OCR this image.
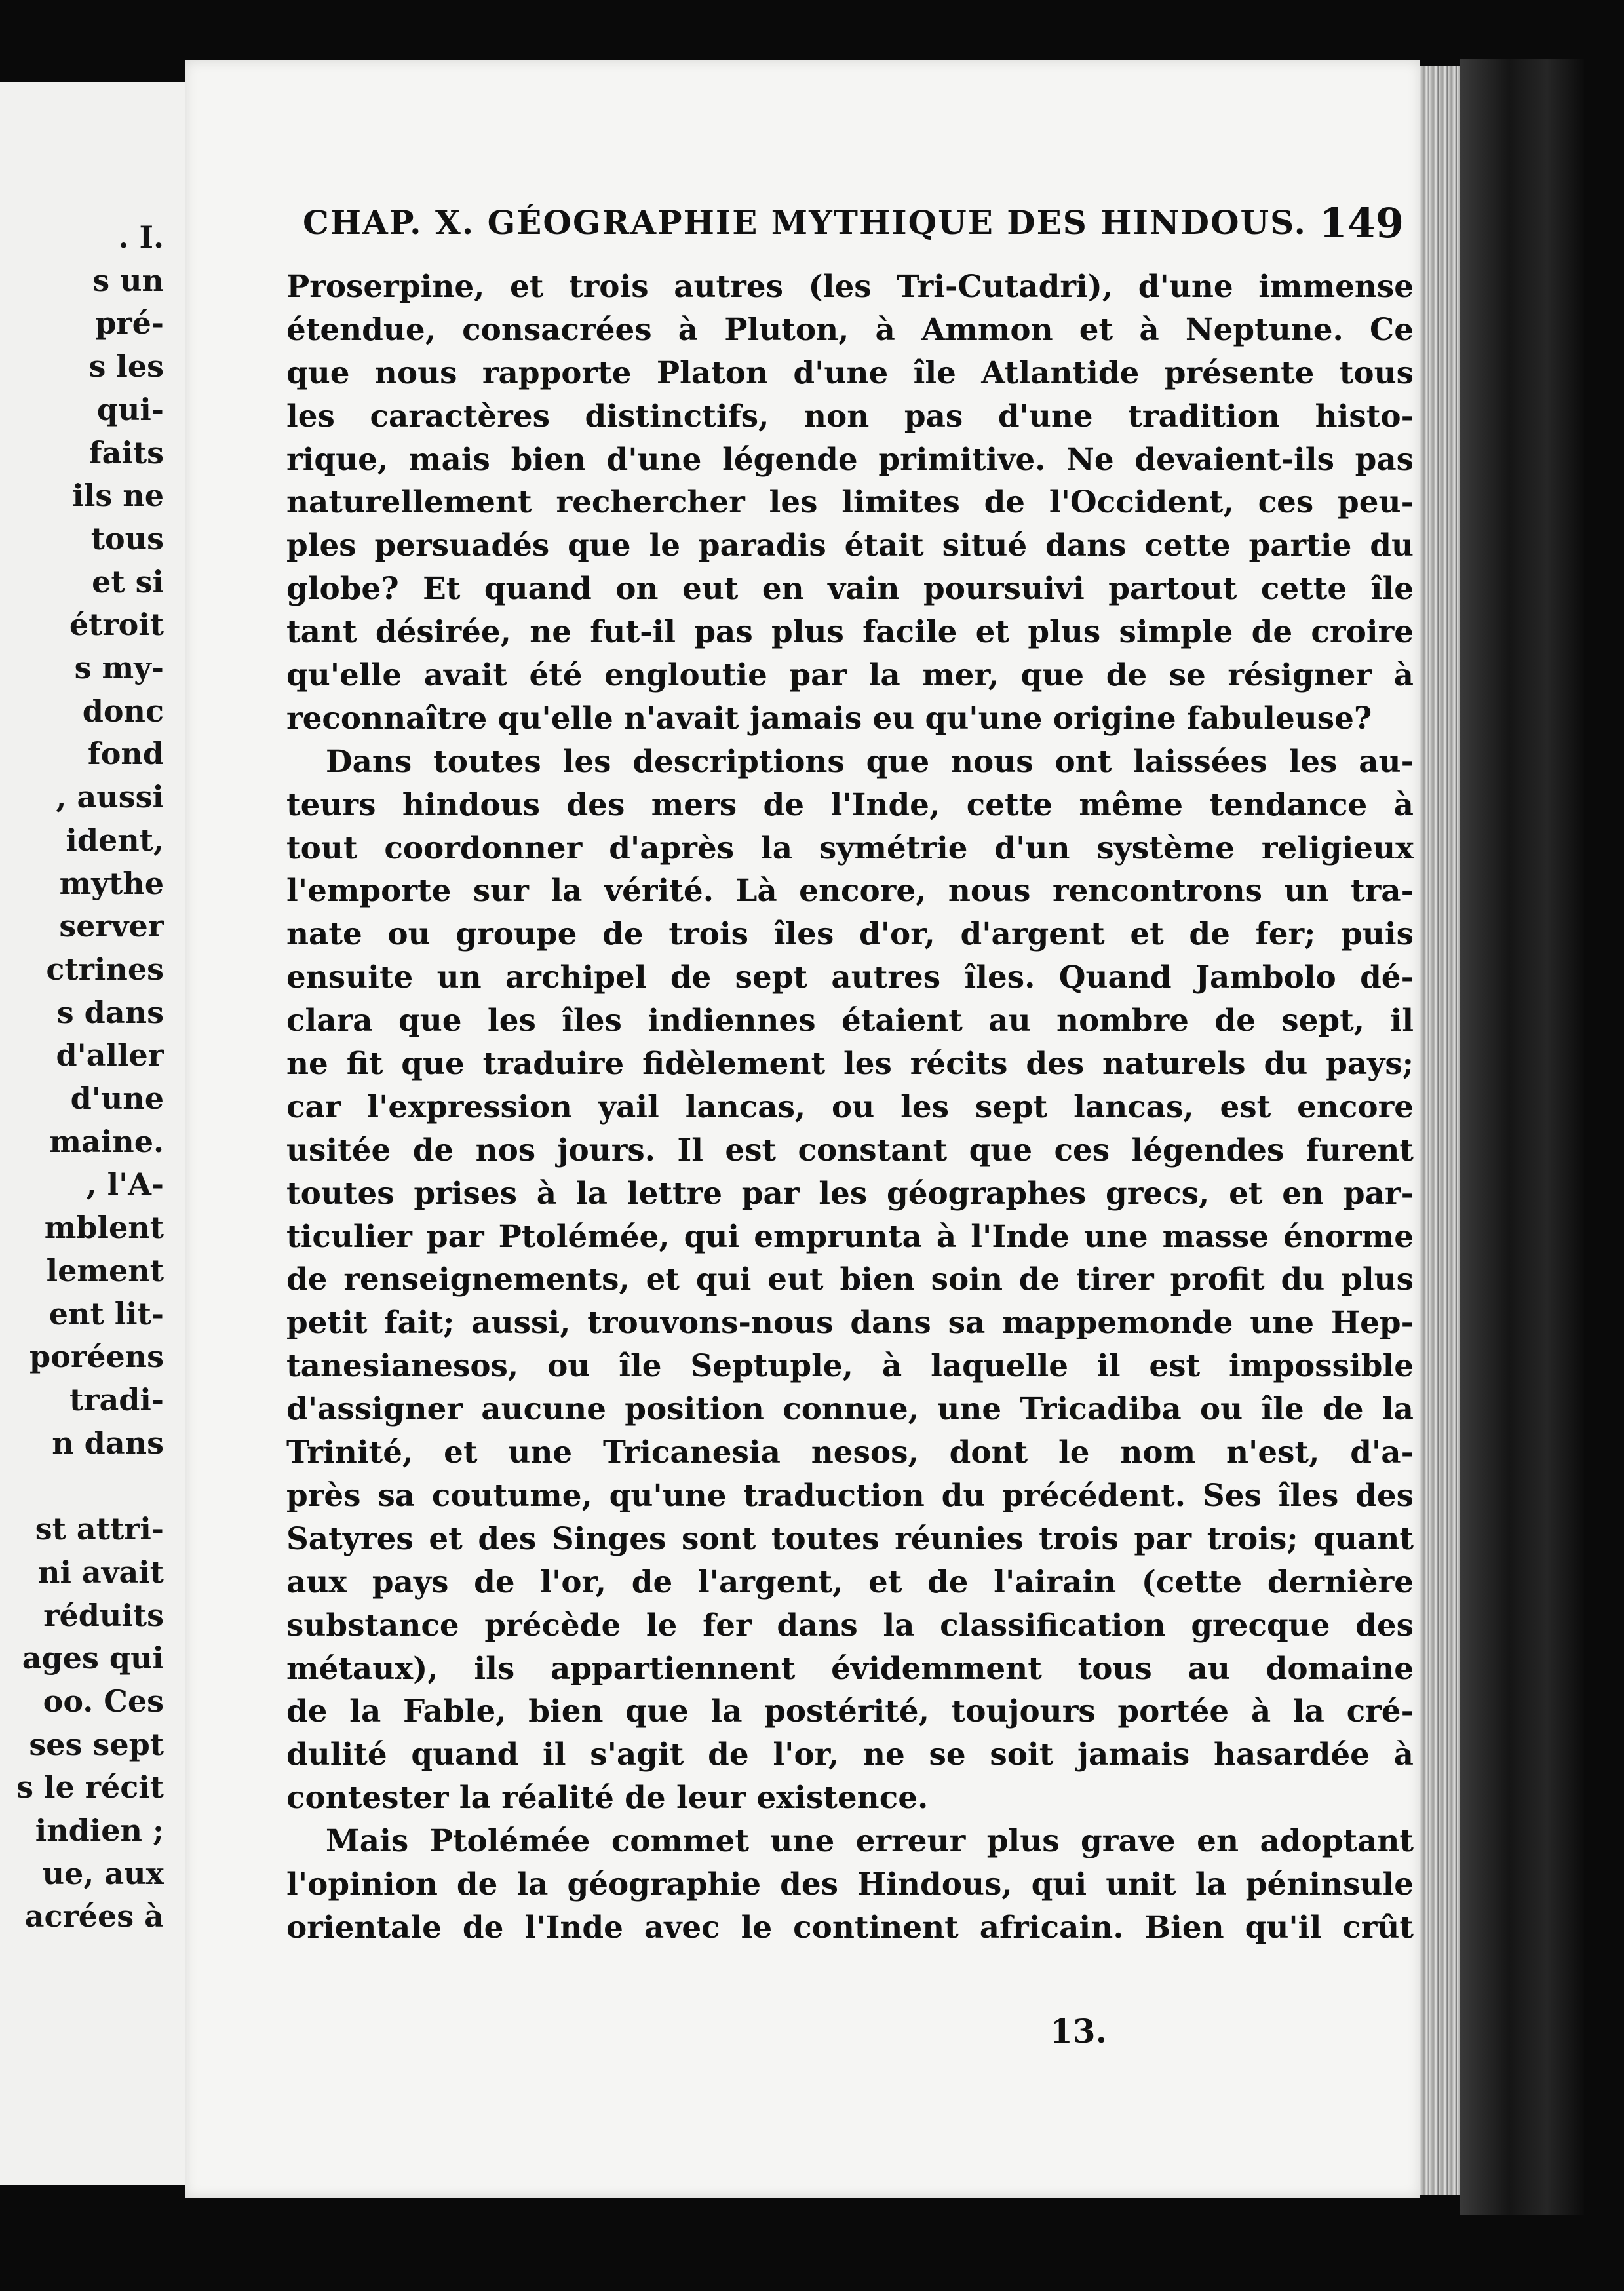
. I.
s un
pré-
s les
qui-
faits
ils ne
tous
et si
étroit
s my-
donc
fond
, aussi
ident,
mythe
server
ctrines
s dans
d'aller
d'une
maine.
, l'A-
mblent
lement
ent lit-
poréens
tradi-
n dans

st attri-
ni avait
réduits
ages qui
oo. Ces
ses sept
s le récit
indien ;
ue, aux
acrées à
CHAP. X. GÉOGRAPHIE MYTHIQUE DES HINDOUS. 149
Proserpine, et trois autres (les Tri-Cutadri), d'une immense
étendue, consacrées à Pluton, à Ammon et à Neptune. Ce
que nous rapporte Platon d'une île Atlantide présente tous
les caractères distinctifs, non pas d'une tradition histo-
rique, mais bien d'une légende primitive. Ne devaient-ils pas
naturellement rechercher les limites de l'Occident, ces peu-
ples persuadés que le paradis était situé dans cette partie du
globe? Et quand on eut en vain poursuivi partout cette île
tant désirée, ne fut-il pas plus facile et plus simple de croire
qu'elle avait été engloutie par la mer, que de se résigner à
reconnaître qu'elle n'avait jamais eu qu'une origine fabuleuse?
Dans toutes les descriptions que nous ont laissées les au-
teurs hindous des mers de l'Inde, cette même tendance à
tout coordonner d'après la symétrie d'un système religieux
l'emporte sur la vérité. Là encore, nous rencontrons un tra-
nate ou groupe de trois îles d'or, d'argent et de fer; puis
ensuite un archipel de sept autres îles. Quand Jambolo dé-
clara que les îles indiennes étaient au nombre de sept, il
ne fit que traduire fidèlement les récits des naturels du pays;
car l'expression yail lancas, ou les sept lancas, est encore
usitée de nos jours. Il est constant que ces légendes furent
toutes prises à la lettre par les géographes grecs, et en par-
ticulier par Ptolémée, qui emprunta à l'Inde une masse énorme
de renseignements, et qui eut bien soin de tirer profit du plus
petit fait; aussi, trouvons-nous dans sa mappemonde une Hep-
tanesianesos, ou île Septuple, à laquelle il est impossible
d'assigner aucune position connue, une Tricadiba ou île de la
Trinité, et une Tricanesia nesos, dont le nom n'est, d'a-
près sa coutume, qu'une traduction du précédent. Ses îles des
Satyres et des Singes sont toutes réunies trois par trois; quant
aux pays de l'or, de l'argent, et de l'airain (cette dernière
substance précède le fer dans la classification grecque des
métaux), ils appartiennent évidemment tous au domaine
de la Fable, bien que la postérité, toujours portée à la cré-
dulité quand il s'agit de l'or, ne se soit jamais hasardée à
contester la réalité de leur existence.
Mais Ptolémée commet une erreur plus grave en adoptant
l'opinion de la géographie des Hindous, qui unit la péninsule
orientale de l'Inde avec le continent africain. Bien qu'il crût
13.
